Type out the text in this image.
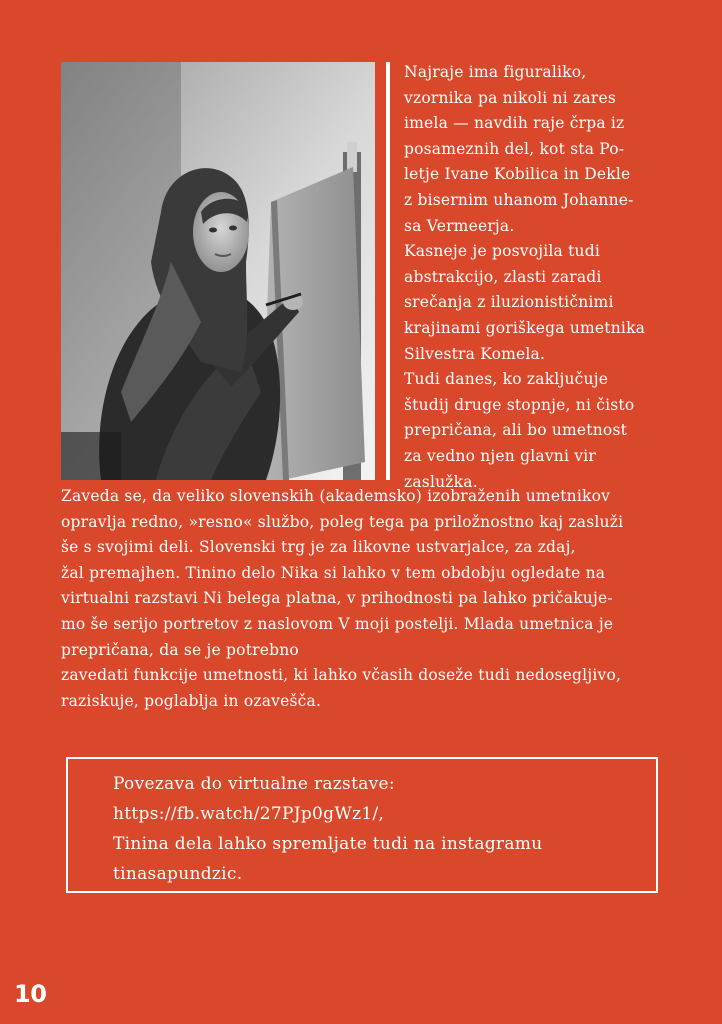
Najraje ima figuraliko,
vzornika pa nikoli ni zares
imela — navdih raje črpa iz
posameznih del, kot sta Po-
letje Ivane Kobilica in Dekle
z bisernim uhanom Johanne-
sa Vermeerja.
Kasneje je posvojila tudi
abstrakcijo, zlasti zaradi
srečanja z iluzionističnimi
krajinami goriškega umetnika
Silvestra Komela.
Tudi danes, ko zaključuje
študij druge stopnje, ni čisto
prepričana, ali bo umetnost
za vedno njen glavni vir
zaslužka.
Zaveda se, da veliko slovenskih (akademsko) izobraženih umetnikov
opravlja redno, »resno« službo, poleg tega pa priložnostno kaj zasluži
še s svojimi deli. Slovenski trg je za likovne ustvarjalce, za zdaj,
žal premajhen. Tinino delo Nika si lahko v tem obdobju ogledate na
virtualni razstavi Ni belega platna, v prihodnosti pa lahko pričakuje-
mo še serijo portretov z naslovom V moji postelji. Mlada umetnica je
prepričana, da se je potrebno
zavedati funkcije umetnosti, ki lahko včasih doseže tudi nedosegljivo,
raziskuje, poglablja in ozavešča.
Povezava do virtualne razstave:
https://fb.watch/27PJp0gWz1/,
Tinina dela lahko spremljate tudi na instagramu
tinasapundzic.
10
